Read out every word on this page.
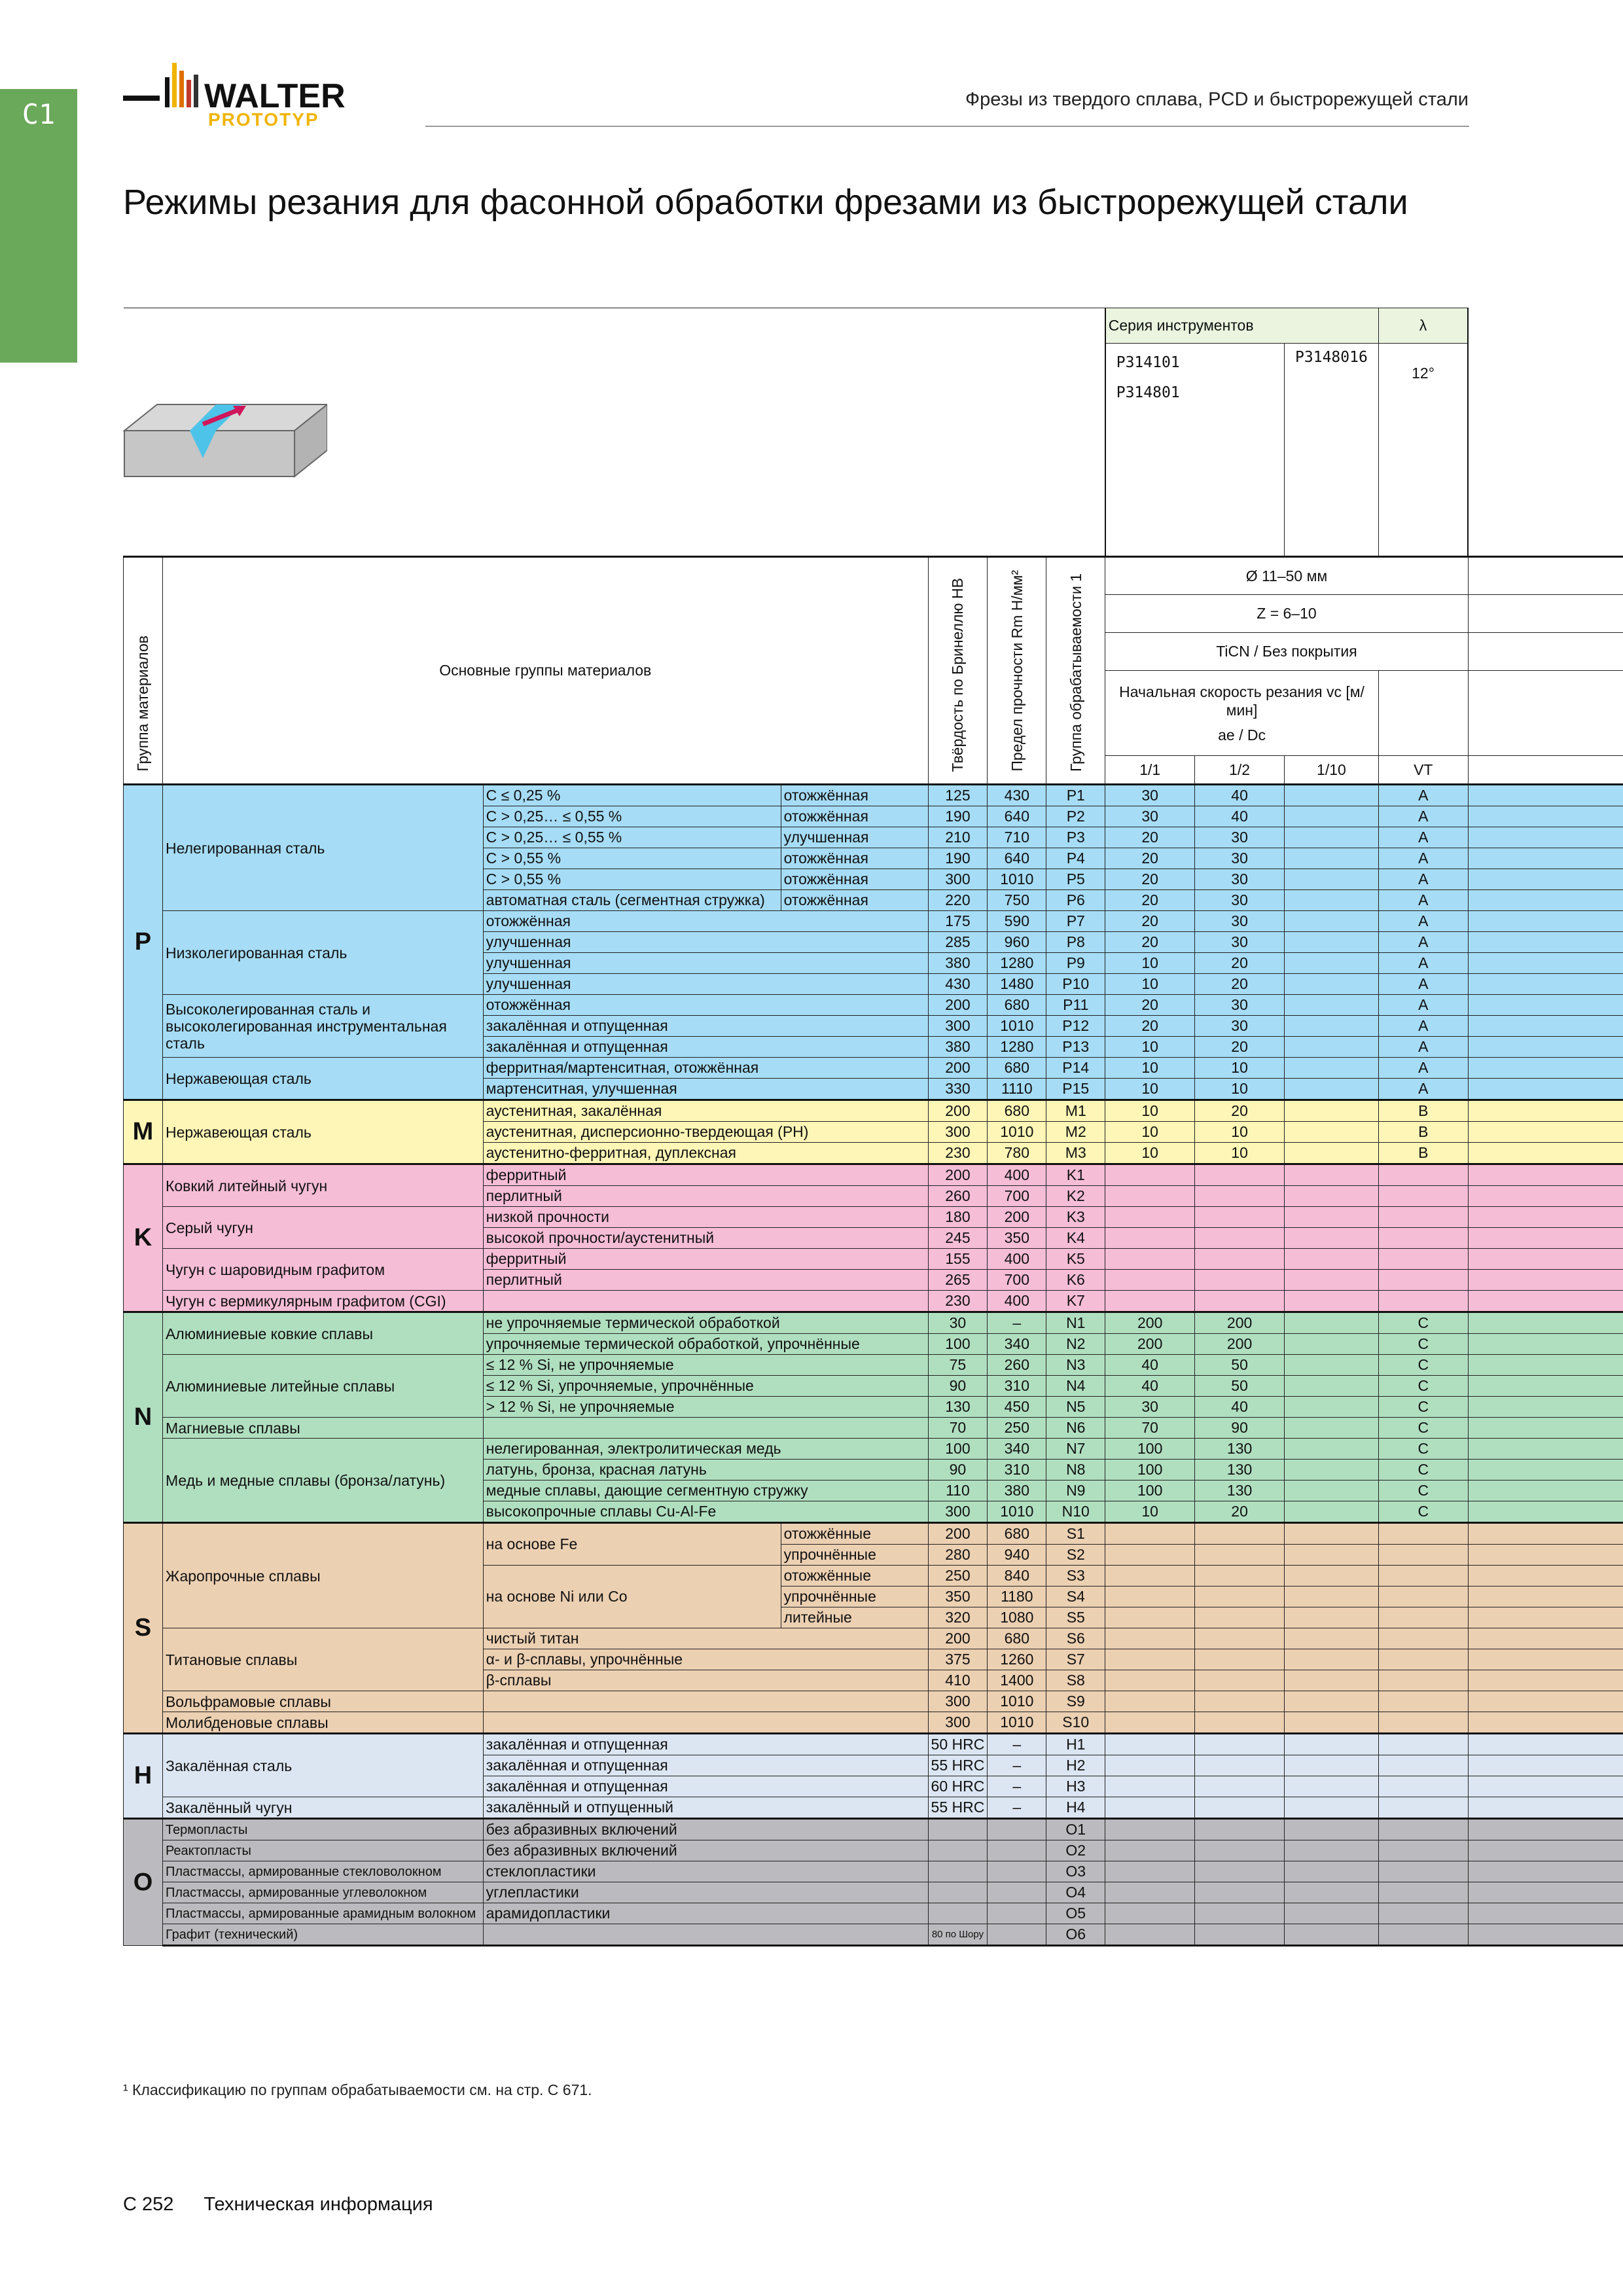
C1	WALTER
PROTOTYP
Фрезы из твердого сплава, PCD и быстрорежущей стали
Режимы резания для фасонной обработки фрезами из быстрорежущей стали
							Серия инструментов			λ	

							P314101
P314801		P3148016	12°	
Группа материалов	Основные группы материалов			Твёрдость по Бринеллю HB	Предел прочности Rm Н/мм²	Группа обрабатываемости 1	Ø 11–50 мм				
							Z = 6–10				
							TiCN / Без покрытия				

							Начальная скорость резания vc [м/мин]
ae / Dc				

							1/1	1/2	1/10	VT	
P	Нелегированная сталь	C ≤ 0,25 %	отожжённая	125	430	P1	30	40		A	
		C > 0,25… ≤ 0,55 %	отожжённая	190	640	P2	30	40		A	
		C > 0,25… ≤ 0,55 %	улучшенная	210	710	P3	20	30		A	
		C > 0,55 %	отожжённая	190	640	P4	20	30		A	
		C > 0,55 %	отожжённая	300	1010	P5	20	30		A	
		автоматная сталь (сегментная стружка)	отожжённая	220	750	P6	20	30		A	
	Низколегированная сталь	отожжённая		175	590	P7	20	30		A	
		улучшенная		285	960	P8	20	30		A	
		улучшенная		380	1280	P9	10	20		A	
		улучшенная		430	1480	P10	10	20		A	
	Высоколегированная сталь и высоколегированная инструментальная сталь	отожжённая		200	680	P11	20	30		A	
		закалённая и отпущенная		300	1010	P12	20	30		A	
		закалённая и отпущенная		380	1280	P13	10	20		A	
	Нержавеющая сталь	ферритная/мартенситная, отожжённая		200	680	P14	10	10		A	
		мартенситная, улучшенная		330	1110	P15	10	10		A	
M	Нержавеющая сталь	аустенитная, закалённая		200	680	M1	10	20		B	
		аустенитная, дисперсионно-твердеющая (PH)		300	1010	M2	10	10		B	
		аустенитно-ферритная, дуплексная		230	780	M3	10	10		B	
K	Ковкий литейный чугун	ферритный		200	400	K1					
		перлитный		260	700	K2					
	Серый чугун	низкой прочности		180	200	K3					
		высокой прочности/аустенитный		245	350	K4					
	Чугун с шаровидным графитом	ферритный		155	400	K5					
		перлитный		265	700	K6					
	Чугун с вермикулярным графитом (CGI)			230	400	K7					
N	Алюминиевые ковкие сплавы	не упрочняемые термической обработкой		30	–	N1	200	200		C	
		упрочняемые термической обработкой, упрочнённые		100	340	N2	200	200		C	
	Алюминиевые литейные сплавы	≤ 12 % Si, не упрочняемые		75	260	N3	40	50		C	
		≤ 12 % Si, упрочняемые, упрочнённые		90	310	N4	40	50		C	
		> 12 % Si, не упрочняемые		130	450	N5	30	40		C	
	Магниевые сплавы			70	250	N6	70	90		C	
	Медь и медные сплавы (бронза/латунь)	нелегированная, электролитическая медь		100	340	N7	100	130		C	
		латунь, бронза, красная латунь		90	310	N8	100	130		C	
		медные сплавы, дающие сегментную стружку		110	380	N9	100	130		C	
		высокопрочные сплавы Cu-Al-Fe		300	1010	N10	10	20		C	
S	Жаропрочные сплавы	на основе Fe	отожжённые	200	680	S1					
			упрочнённые	280	940	S2					
		на основе Ni или Co	отожжённые	250	840	S3					
			упрочнённые	350	1180	S4					
			литейные	320	1080	S5					
	Титановые сплавы	чистый титан		200	680	S6					
		α- и β-сплавы, упрочнённые		375	1260	S7					
		β-сплавы		410	1400	S8					
	Вольфрамовые сплавы			300	1010	S9					
	Молибденовые сплавы			300	1010	S10					
H	Закалённая сталь	закалённая и отпущенная		50 HRC	–	H1					
		закалённая и отпущенная		55 HRC	–	H2					
		закалённая и отпущенная		60 HRC	–	H3					
	Закалённый чугун	закалённый и отпущенный		55 HRC	–	H4					
O	Термопласты	без абразивных включений				O1					
	Реактопласты	без абразивных включений				O2					
	Пластмассы, армированные стекловолокном	стеклопластики				O3					
	Пластмассы, армированные углеволокном	углепластики				O4					
	Пластмассы, армированные арамидным волокном	арамидопластики				O5					
	Графит (технический)			80 по Шору		O6					
¹ Классификацию по группам обрабатываемости см. на стр. C 671.
C 252 Техническая информация
